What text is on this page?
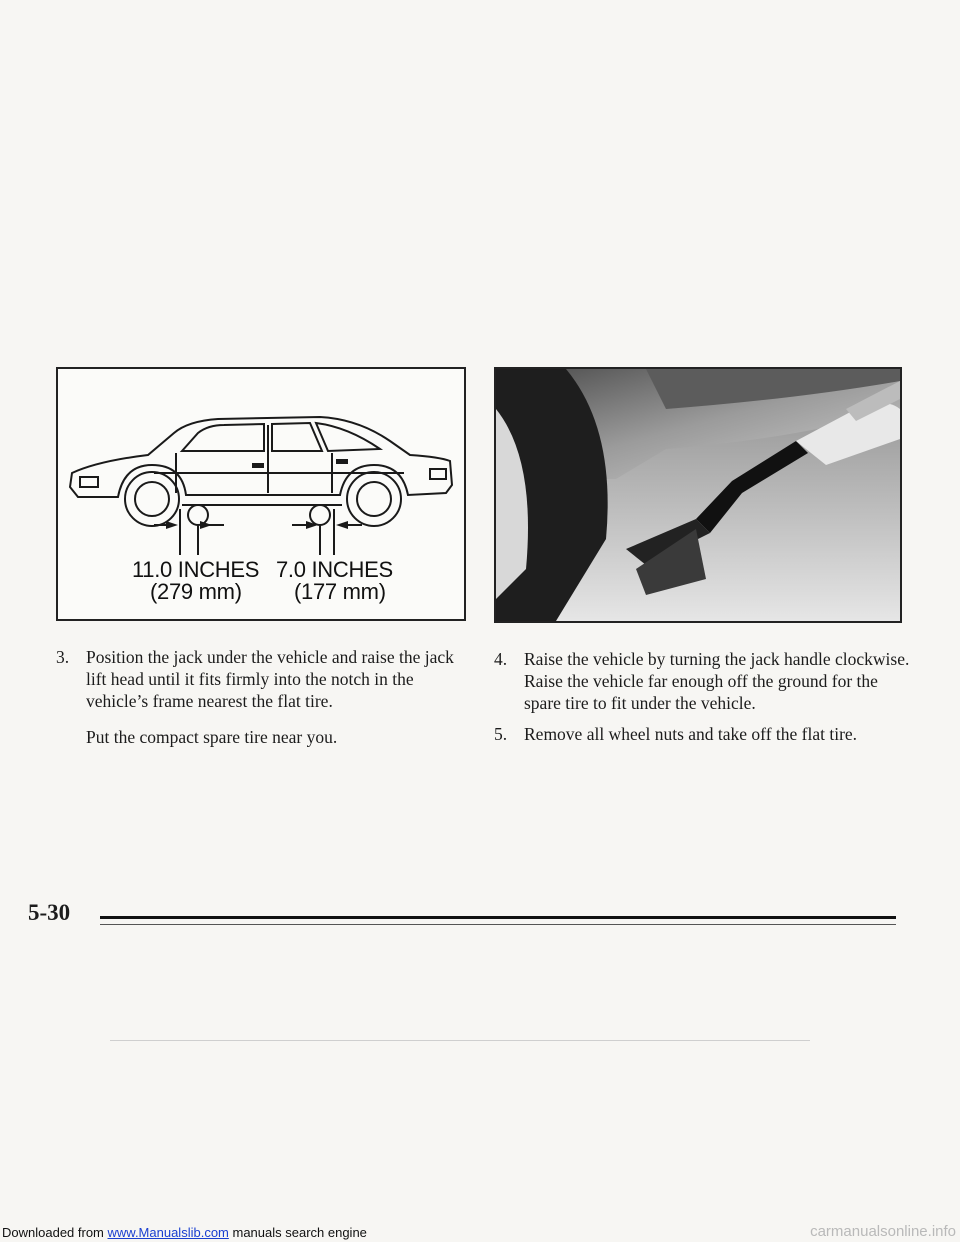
11.0 INCHES
(279 mm)
7.0 INCHES
(177 mm)
3. Position the jack under the vehicle and raise the jack lift head until it fits firmly into the notch in the vehicle’s frame nearest the flat tire.

Put the compact spare tire near you.

4. Raise the vehicle by turning the jack handle clockwise. Raise the vehicle far enough off the ground for the spare tire to fit under the vehicle.
5. Remove all wheel nuts and take off the flat tire.
5-30
Downloaded from www.Manualslib.com manuals search engine	carmanualsonline.info
